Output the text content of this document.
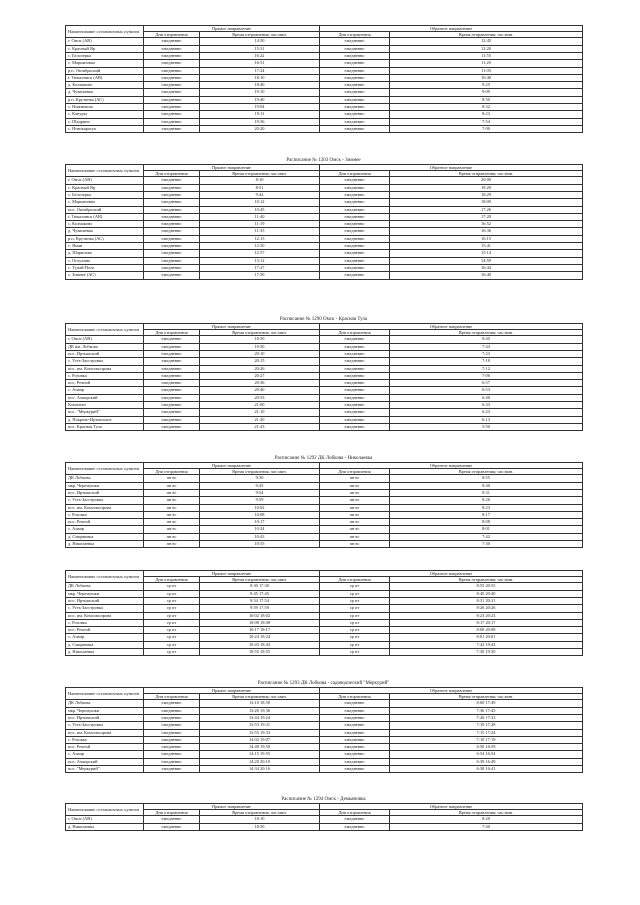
Наименование остановочных пунктов	Прямое направление		Обратное направление	
	Дни отправления	Время отправления; час:мин.	Дни отправления	Время отправления; час:мин.
г. Омск (АВ)	ежедневно	14:50	ежедневно	12:45
с. Красный Яр	ежедневно	15:31	ежедневно	12:20
с. Белозерка	ежедневно	16:22	ежедневно	11:55
с. Марьяновка	ежедневно	16:51	ежедневно	11:20
р.п. Октябрьский	ежедневно	17:24	ежедневно	11:05
г. Тюкалинск (АВ)	ежедневно	18:10	ежедневно	10:40
д. Колмаково	ежедневно	18:40	ежедневно	9:25
д. Чувашевка	ежедневно	19:10	ежедневно	9:09
р.п. Крутинка (АС)	ежедневно	19:40	ежедневно	8:50
с. Нижнеиша	ежедневно	19:04	ежедневно	8:32
с. Кануры	ежедневно	19:11	ежедневно	8:23
с. Шадрино	ежедневно	19:36	ежедневно	7:54
с. Новокарасук	ежедневно	20:20	ежедневно	7:00
Расписание № 1203 Омск - Зимнее
Наименование остановочных пунктов	Прямое направление		Обратное направление	
	Дни отправления	Время отправления; час:мин.	Дни отправления	Время отправления; час:мин.
г. Омск (АВ)	ежедневно	8:10	ежедневно	20:00
с. Красный Яр	ежедневно	8:51	ежедневно	19:20
с. Белозерка	ежедневно	9:42	ежедневно	18:29
с. Марьяновка	ежедневно	10:12	ежедневно	18:00
пос. Октябрьский	ежедневно	10:45	ежедневно	17:26
г. Тюкалинск (АВ)	ежедневно	11:40	ежедневно	17:20
с. Колмаково	ежедневно	11:19	ежедневно	16:52
д. Чувашевка	ежедневно	11:35	ежедневно	16:36
р.п. Крутинка (АС)	ежедневно	12:15	ежедневно	16:15
с. Яман	ежедневно	12:30	ежедневно	15:41
д. Шарипово	ежедневно	12:57	ежедневно	15:14
с. Оглухино	ежедневно	13:12	ежедневно	14:59
с. Тупай-Поле	ежедневно	17:27	ежедневно	16:44
с. Зимнее (АС)	ежедневно	17:50	ежедневно	16:40
Расписание № 1290 Омск - Красная Тула
Наименование остановочных пунктов	Прямое направление		Обратное направление	
	Дни отправления	Время отправления; час:мин.	Дни отправления	Время отправления; час:мин.
г. Омск (АВ)	ежедневно	18:50	ежедневно	9:45
ДК им. Лобкова	ежедневно	19:50	ежедневно	7:43
пос. Иртышский	ежедневно	20:10	ежедневно	7:23
с. Усть-Заостровка	ежедневно	20:15	ежедневно	7:18
пос. им. Комсомолрова	ежедневно	20:26	ежедневно	7:12
с. Розовка	ежедневно	20:27	ежедневно	7:06
пос. Речной	ежедневно	20:36	ежедневно	6:57
с. Ачаир	ежедневно	20:40	ежедневно	6:53
пос. Ачаирский	ежедневно	20:53	ежедневно	6:40
Комплект	ежедневно	21:00	ежедневно	6:33
пос. "Меркурий"	ежедневно	21:10	ежедневно	6:23
д. Покрово-Иртышское	ежедневно	21:20	ежедневно	6:13
пос. Красная Тула	ежедневно	21:43	ежедневно	5:50
Расписание № 1292 ДК Лобкова - Николаевка
Наименование остановочных пунктов	Прямое направление		Обратное направление	
	Дни отправления	Время отправления; час:мин.	Дни отправления	Время отправления; час:мин.
ДК Лобкова	пн вс	9:30	пн вс	8:55
мкр. Черемушки	пн вс	9:45	пн вс	8:40
пос. Иртышский	пн вс	9:54	пн вс	8:31
с. Усть-Заостровка	пн вс	9:59	пн вс	8:26
пос. им. Комсомолрова	пн вс	10:02	пн вс	8:23
с. Розовка	пн вс	10:08	пн вс	8:17
пос. Речной	пн вс	10:17	пн вс	8:08
с. Ачаир	пн вс	10:24	пн вс	8:01
д. Смирновка	пн вс	10:43	пн вс	7:42
д. Николаевка	пн вс	10:55	пн вс	7:30
Наименование остановочных пунктов	Прямое направление		Обратное направление	
	Дни отправления	Время отправления; час:мин.	Дни отправления	Время отправления; час:мин.
ДК Лобкова	ср пт	9:30 17:30	ср пт	8:55 20:55
мкр. Черемушки	ср пт	9:45 17:45	ср пт	8:40 20:40
пос. Иртышский	ср пт	9:54 17:54	ср пт	8:31 20:31
с. Усть-Заостровка	ср пт	9:59 17:59	ср пт	8:26 20:26
пос. им. Комсомолрова	ср пт	10:02 18:02	ср пт	8:23 20:23
с. Розовка	ср пт	10:08 18:08	ср пт	8:17 20:17
пос. Речной	ср пт	10:17 18:17	ср пт	8:08 20:08
с. Ачаир	ср пт	10:24 18:24	ср пт	8:01 20:01
д. Смирновка	ср пт	10:43 18:43	ср пт	7:42 19:42
д. Николаевка	ср пт	10:55 18:55	ср пт	7:30 19:30
Расписание № 1293 ДК Лобкова - садоводческий "Меркурий"
Наименование остановочных пунктов	Прямое направление		Обратное направление	
	Дни отправления	Время отправления; час:мин.	Дни отправления	Время отправления; час:мин.
ДК Лобкова	ежедневно	13:10 18:50	ежедневно	8:00 17:49
мкр. Черемушки	ежедневно	13:26 19:36	ежедневно	7:36 17:45
пос. Иртышский	ежедневно	13:44 19:24	ежедневно	7:26 17:33
с. Усть-Заостровка	ежедневно	13:53 19:31	ежедневно	7:19 17:28
пос. им. Комсомолрова	ежедневно	13:55 19:33	ежедневно	7:15 17:24
с. Розовка	ежедневно	14:02 19:07	ежедневно	7:10 17:19
пос. Речной	ежедневно	14:48 19:50	ежедневно	6:50 16:59
с. Ачаир	ежедневно	14:15 19:55	ежедневно	6:54 16:54
пос. Ачаирский	ежедневно	14:20 20:10	ежедневно	6:39 16:49
пос. "Меркурий"	ежедневно	14:34 20:16	ежедневно	6:38 16:41
Расписание № 1294 Омск - Демьяновка
Наименование остановочных пунктов	Прямое направление		Обратное направление	
	Дни отправления	Время отправления; час:мин.	Дни отправления	Время отправления; час:мин.
г. Омск (АВ)	ежедневно	18:10	ежедневно	8:20
д. Николаевка	ежедневно	18:50	ежедневно	7:40
